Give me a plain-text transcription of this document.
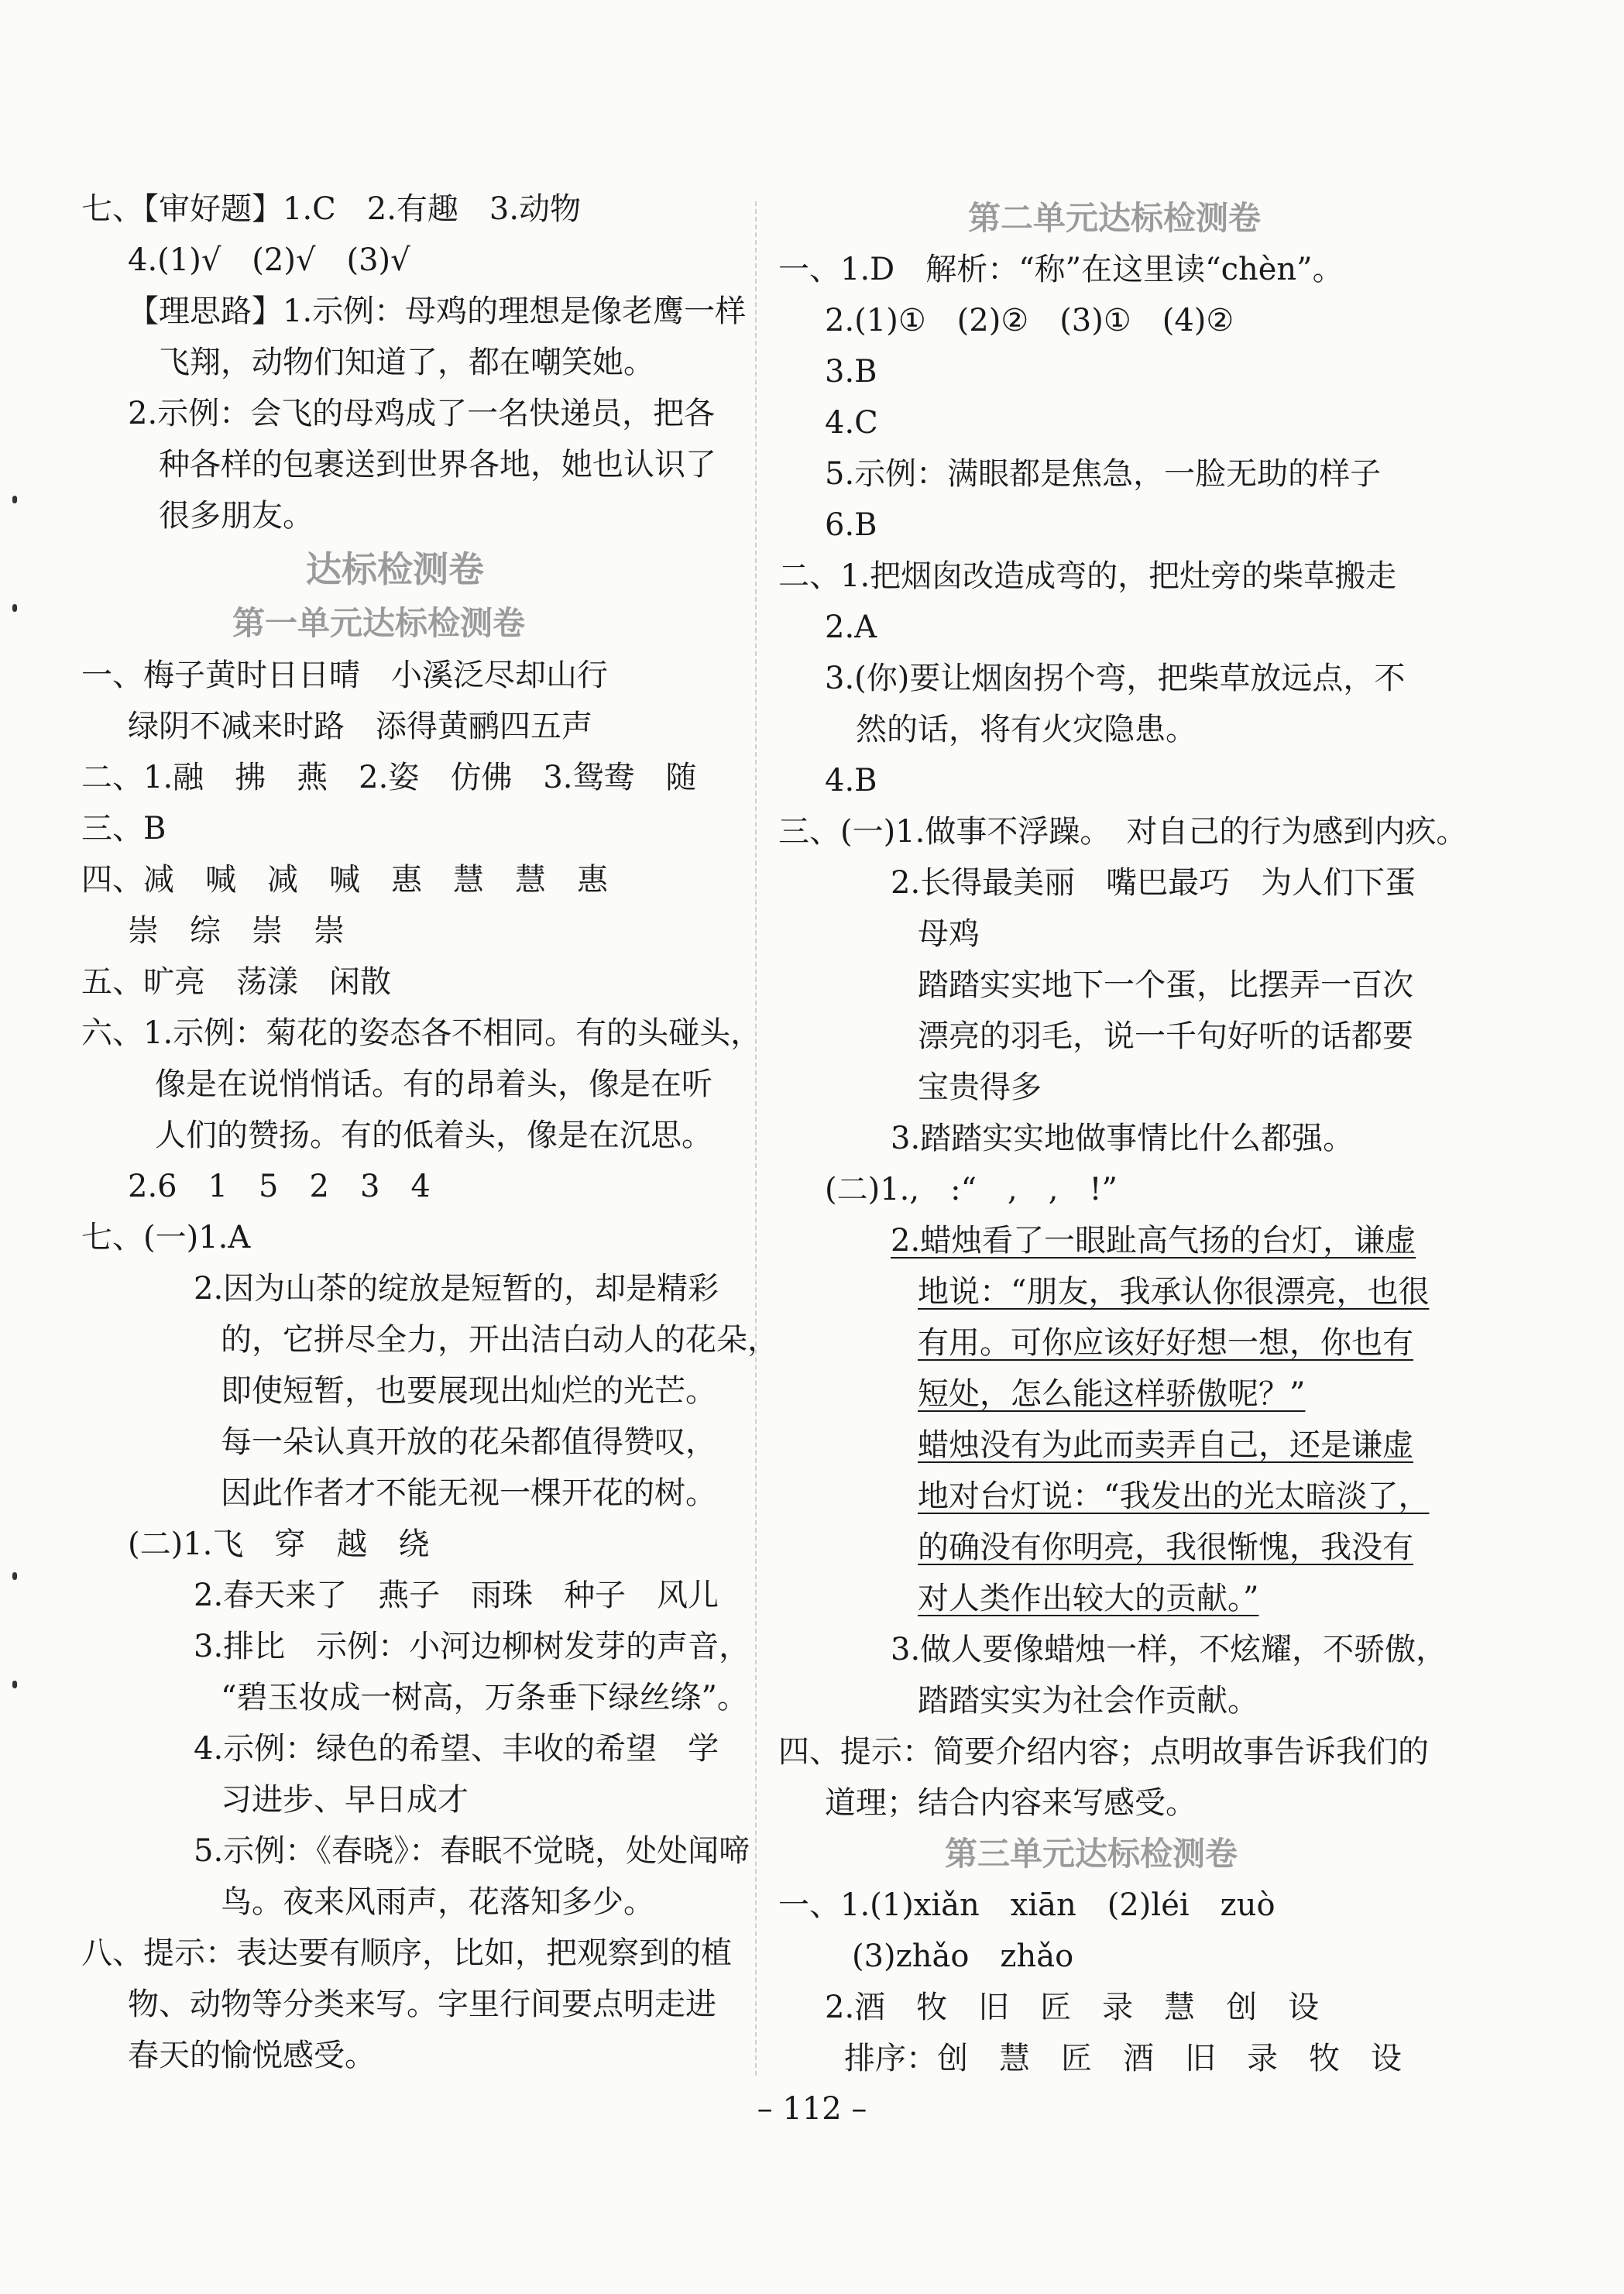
七、【审好题】1.C　2.有趣　3.动物
4.(1)√　(2)√　(3)√
【理思路】1.示例：母鸡的理想是像老鹰一样
飞翔，动物们知道了，都在嘲笑她。
2.示例：会飞的母鸡成了一名快递员，把各
种各样的包裹送到世界各地，她也认识了
很多朋友。
达标检测卷
第一单元达标检测卷
一、梅子黄时日日晴　小溪泛尽却山行
绿阴不减来时路　添得黄鹂四五声
二、1.融　拂　燕　2.姿　仿佛　3.鸳鸯　随
三、B
四、减　喊　减　喊　惠　慧　慧　惠
崇　综　崇　崇
五、旷亮　荡漾　闲散
六、1.示例：菊花的姿态各不相同。有的头碰头，
像是在说悄悄话。有的昂着头，像是在听
人们的赞扬。有的低着头，像是在沉思。
2.6　1　5　2　3　4
七、(一)1.A
2.因为山茶的绽放是短暂的，却是精彩
的，它拼尽全力，开出洁白动人的花朵，
即使短暂，也要展现出灿烂的光芒。
每一朵认真开放的花朵都值得赞叹，
因此作者才不能无视一棵开花的树。
(二)1.飞　穿　越　绕
2.春天来了　燕子　雨珠　种子　风儿
3.排比　示例：小河边柳树发芽的声音，
“碧玉妆成一树高，万条垂下绿丝绦”。
4.示例：绿色的希望、丰收的希望　学
习进步、早日成才
5.示例：《春晓》：春眠不觉晓，处处闻啼
鸟。夜来风雨声，花落知多少。
八、提示：表达要有顺序，比如，把观察到的植
物、动物等分类来写。字里行间要点明走进
春天的愉悦感受。
第二单元达标检测卷
一、1.D　解析：“称”在这里读“chèn”。
2.(1)①　(2)②　(3)①　(4)②
3.B
4.C
5.示例：满眼都是焦急，一脸无助的样子
6.B
二、1.把烟囱改造成弯的，把灶旁的柴草搬走
2.A
3.(你)要让烟囱拐个弯，把柴草放远点，不
然的话，将有火灾隐患。
4.B
三、(一)1.做事不浮躁。　对自己的行为感到内疚。
2.长得最美丽　嘴巴最巧　为人们下蛋
母鸡
踏踏实实地下一个蛋，比摆弄一百次
漂亮的羽毛，说一千句好听的话都要
宝贵得多
3.踏踏实实地做事情比什么都强。
(二)1.,　:“　,　,　!”
2.蜡烛看了一眼趾高气扬的台灯，谦虚
地说：“朋友，我承认你很漂亮，也很
有用。可你应该好好想一想，你也有
短处，怎么能这样骄傲呢？”
蜡烛没有为此而卖弄自己，还是谦虚
地对台灯说：“我发出的光太暗淡了，
的确没有你明亮，我很惭愧，我没有
对人类作出较大的贡献。”
3.做人要像蜡烛一样，不炫耀，不骄傲，
踏踏实实为社会作贡献。
四、提示：简要介绍内容；点明故事告诉我们的
道理；结合内容来写感受。
第三单元达标检测卷
一、1.(1)xiǎn　xiān　(2)léi　zuò
(3)zhǎo　zhǎo
2.酒　牧　旧　匠　录　慧　创　设
排序：创　慧　匠　酒　旧　录　牧　设
– 112 –
